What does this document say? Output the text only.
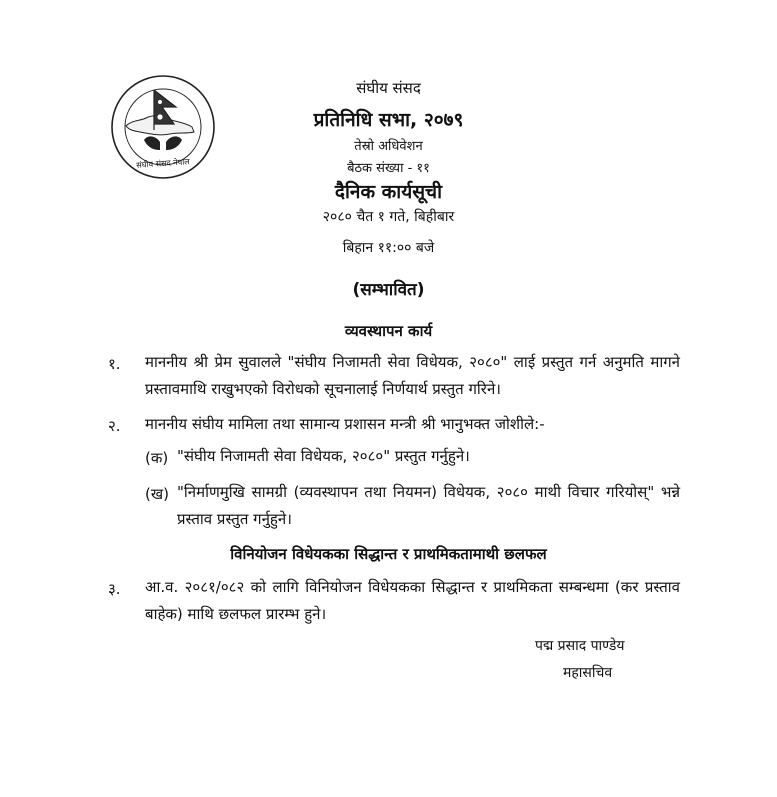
संघीय संसद नेपाल
संघीय संसद
प्रतिनिधि सभा, २०७९
तेस्रो अधिवेशन
बैठक संख्या - ११
दैनिक कार्यसूची
२०८० चैत १ गते, बिहीबार
बिहान ११:०० बजे
(सम्भावित)
व्यवस्थापन कार्य
१. माननीय श्री प्रेम सुवालले "संघीय निजामती सेवा विधेयक, २०८०" लाई प्रस्तुत गर्न अनुमति मागने प्रस्तावमाथि राखुभएको विरोधको सूचनालाई निर्णयार्थ प्रस्तुत गरिने।
२. माननीय संघीय मामिला तथा सामान्य प्रशासन मन्त्री श्री भानुभक्त जोशीले:-
(क) "संघीय निजामती सेवा विधेयक, २०८०" प्रस्तुत गर्नुहुने।
(ख) "निर्माणमुखि सामग्री (व्यवस्थापन तथा नियमन) विधेयक, २०८० माथी विचार गरियोस्" भन्ने प्रस्ताव प्रस्तुत गर्नुहुने।
विनियोजन विधेयकका सिद्धान्त र प्राथमिकतामाथी छलफल
३. आ.व. २०८१/०८२ को लागि विनियोजन विधेयकका सिद्धान्त र प्राथमिकता सम्बन्धमा (कर प्रस्ताव बाहेक) माथि छलफल प्रारम्भ हुने।
पद्म प्रसाद पाण्डेय
महासचिव
